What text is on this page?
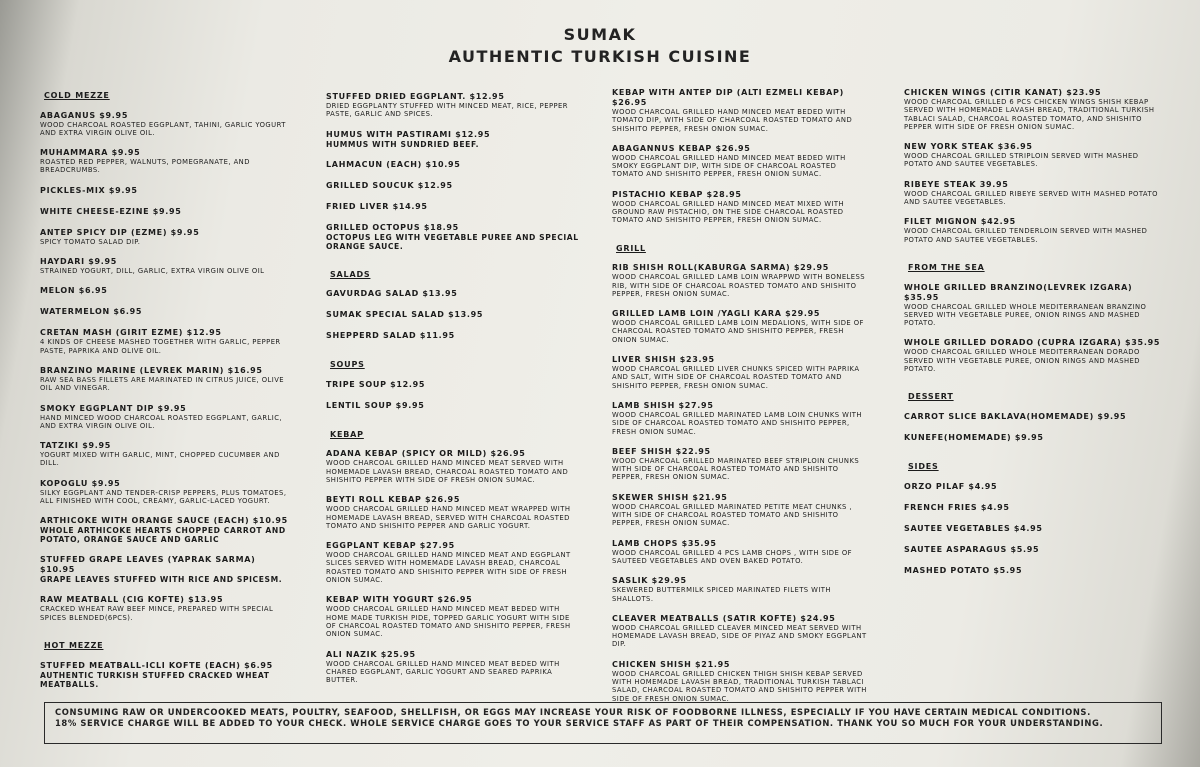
SUMAK
AUTHENTIC TURKISH CUISINE
COLD MEZZE
ABAGANUS $9.95
WOOD CHARCOAL ROASTED EGGPLANT, TAHINI, GARLIC YOGURT AND EXTRA VIRGIN OLIVE OIL.
MUHAMMARA $9.95
ROASTED RED PEPPER, WALNUTS, POMEGRANATE, AND BREADCRUMBS.
PICKLES-MIX $9.95
WHITE CHEESE-EZINE $9.95
ANTEP SPICY DIP (EZME) $9.95
SPICY TOMATO SALAD DIP.
HAYDARI $9.95
STRAINED YOGURT, DILL, GARLIC, EXTRA VIRGIN OLIVE OIL
MELON $6.95
WATERMELON $6.95
CRETAN MASH (GIRIT EZME) $12.95
4 KINDS OF CHEESE MASHED TOGETHER WITH GARLIC, PEPPER PASTE, PAPRIKA AND OLIVE OIL.
BRANZINO MARINE (LEVREK MARIN) $16.95
RAW SEA BASS FILLETS ARE MARINATED IN CITRUS JUICE, OLIVE OIL AND VINEGAR.
SMOKY EGGPLANT DIP $9.95
HAND MINCED WOOD CHARCOAL ROASTED EGGPLANT, GARLIC, AND EXTRA VIRGIN OLIVE OIL.
TATZIKI $9.95
YOGURT MIXED WITH GARLIC, MINT, CHOPPED CUCUMBER AND DILL.
KOPOGLU $9.95
SILKY EGGPLANT AND TENDER-CRISP PEPPERS, PLUS TOMATOES, ALL FINISHED WITH COOL, CREAMY, GARLIC-LACED YOGURT.
ARTHICOKE WITH ORANGE SAUCE (EACH) $10.95
WHOLE ARTHICOKE HEARTS CHOPPED CARROT AND POTATO, ORANGE SAUCE AND GARLIC
STUFFED GRAPE LEAVES (YAPRAK SARMA) $10.95
GRAPE LEAVES STUFFED WITH RICE AND SPICESM.
RAW MEATBALL (CIG KOFTE) $13.95
CRACKED WHEAT RAW BEEF MINCE, PREPARED WITH SPECIAL SPICES BLENDED(6PCS).
HOT MEZZE
STUFFED MEATBALL-ICLI KOFTE (EACH) $6.95
AUTHENTIC TURKISH STUFFED CRACKED WHEAT MEATBALLS.
STUFFED DRIED EGGPLANT. $12.95
DRIED EGGPLANTY STUFFED WITH MINCED MEAT, RICE, PEPPER PASTE, GARLIC AND SPICES.
HUMUS WITH PASTIRAMI $12.95
HUMMUS WITH SUNDRIED BEEF.
LAHMACUN (EACH) $10.95
GRILLED SOUCUK $12.95
FRIED LIVER $14.95
GRILLED OCTOPUS $18.95
OCTOPUS LEG WITH VEGETABLE PUREE AND SPECIAL ORANGE SAUCE.
SALADS
GAVURDAG SALAD $13.95
SUMAK SPECIAL SALAD $13.95
SHEPPERD SALAD $11.95
SOUPS
TRIPE SOUP $12.95
LENTIL SOUP $9.95
KEBAP
ADANA KEBAP (SPICY OR MILD) $26.95
WOOD CHARCOAL GRILLED HAND MINCED MEAT SERVED WITH HOMEMADE LAVASH BREAD, CHARCOAL ROASTED TOMATO AND SHISHITO PEPPER WITH SIDE OF FRESH ONION SUMAC.
BEYTI ROLL KEBAP $26.95
WOOD CHARCOAL GRILLED HAND MINCED MEAT WRAPPED WITH HOMEMADE LAVASH BREAD, SERVED WITH CHARCOAL ROASTED TOMATO AND SHISHITO PEPPER AND GARLIC YOGURT.
EGGPLANT KEBAP $27.95
WOOD CHARCOAL GRILLED HAND MINCED MEAT AND EGGPLANT SLICES SERVED WITH HOMEMADE LAVASH BREAD, CHARCOAL ROASTED TOMATO AND SHISHITO PEPPER WITH SIDE OF FRESH ONION SUMAC.
KEBAP WITH YOGURT $26.95
WOOD CHARCOAL GRILLED HAND MINCED MEAT BEDED WITH HOME MADE TURKISH PIDE, TOPPED GARLIC YOGURT WITH SIDE OF CHARCOAL ROASTED TOMATO AND SHISHITO PEPPER, FRESH ONION SUMAC.
ALI NAZIK $25.95
WOOD CHARCOAL GRILLED HAND MINCED MEAT BEDED WITH CHARED EGGPLANT, GARLIC YOGURT AND SEARED PAPRIKA BUTTER.
KEBAP WITH ANTEP DIP (ALTI EZMELI KEBAP) $26.95
WOOD CHARCOAL GRILLED HAND MINCED MEAT BEDED WITH TOMATO DIP, WITH SIDE OF CHARCOAL ROASTED TOMATO AND SHISHITO PEPPER, FRESH ONION SUMAC.
ABAGANNUS KEBAP $26.95
WOOD CHARCOAL GRILLED HAND MINCED MEAT BEDED WITH SMOKY EGGPLANT DIP, WITH SIDE OF CHARCOAL ROASTED TOMATO AND SHISHITO PEPPER, FRESH ONION SUMAC.
PISTACHIO KEBAP $28.95
WOOD CHARCOAL GRILLED HAND MINCED MEAT MIXED WITH GROUND RAW PISTACHIO, ON THE SIDE CHARCOAL ROASTED TOMATO AND SHISHITO PEPPER, FRESH ONION SUMAC.
GRILL
RIB SHISH ROLL(KABURGA SARMA) $29.95
WOOD CHARCOAL GRILLED LAMB LOIN WRAPPWD WITH BONELESS RIB, WITH SIDE OF CHARCOAL ROASTED TOMATO AND SHISHITO PEPPER, FRESH ONION SUMAC.
GRILLED LAMB LOIN /YAGLI KARA $29.95
WOOD CHARCOAL GRILLED LAMB LOIN MEDALIONS, WITH SIDE OF CHARCOAL ROASTED TOMATO AND SHISHITO PEPPER, FRESH ONION SUMAC.
LIVER SHISH $23.95
WOOD CHARCOAL GRILLED LIVER CHUNKS SPICED WITH PAPRIKA AND SALT, WITH SIDE OF CHARCOAL ROASTED TOMATO AND SHISHITO PEPPER, FRESH ONION SUMAC.
LAMB SHISH $27.95
WOOD CHARCOAL GRILLED MARINATED LAMB LOIN CHUNKS WITH SIDE OF CHARCOAL ROASTED TOMATO AND SHISHITO PEPPER, FRESH ONION SUMAC.
BEEF SHISH $22.95
WOOD CHARCOAL GRILLED MARINATED BEEF STRIPLOIN CHUNKS WITH SIDE OF CHARCOAL ROASTED TOMATO AND SHISHITO PEPPER, FRESH ONION SUMAC.
SKEWER SHISH $21.95
WOOD CHARCOAL GRILLED MARINATED PETITE MEAT CHUNKS , WITH SIDE OF CHARCOAL ROASTED TOMATO AND SHISHITO PEPPER, FRESH ONION SUMAC.
LAMB CHOPS $35.95
WOOD CHARCOAL GRILLED 4 PCS LAMB CHOPS , WITH SIDE OF SAUTEED VEGETABLES AND OVEN BAKED POTATO.
SASLIK $29.95
SKEWERED BUTTERMILK SPICED MARINATED FILETS WITH SHALLOTS.
CLEAVER MEATBALLS (SATIR KOFTE) $24.95
WOOD CHARCOAL GRILLED CLEAVER MINCED MEAT SERVED WITH HOMEMADE LAVASH BREAD, SIDE OF PIYAZ AND SMOKY EGGPLANT DIP.
CHICKEN SHISH $21.95
WOOD CHARCOAL GRILLED CHICKEN THIGH SHISH KEBAP SERVED WITH HOMEMADE LAVASH BREAD, TRADITIONAL TURKISH TABLACI SALAD, CHARCOAL ROASTED TOMATO AND SHISHITO PEPPER WITH SIDE OF FRESH ONION SUMAC.
CHICKEN WINGS (CITIR KANAT) $23.95
WOOD CHARCOAL GRILLED 6 PCS CHICKEN WINGS SHISH KEBAP SERVED WITH HOMEMADE LAVASH BREAD, TRADITIONAL TURKISH TABLACI SALAD, CHARCOAL ROASTED TOMATO, AND SHISHITO PEPPER WITH SIDE OF FRESH ONION SUMAC.
NEW YORK STEAK $36.95
WOOD CHARCOAL GRILLED STRIPLOIN SERVED WITH MASHED POTATO AND SAUTEE VEGETABLES.
RIBEYE STEAK 39.95
WOOD CHARCOAL GRILLED RIBEYE SERVED WITH MASHED POTATO AND SAUTEE VEGETABLES.
FILET MIGNON $42.95
WOOD CHARCOAL GRILLED TENDERLOIN SERVED WITH MASHED POTATO AND SAUTEE VEGETABLES.
FROM THE SEA
WHOLE GRILLED BRANZINO(LEVREK IZGARA) $35.95
WOOD CHARCOAL GRILLED WHOLE MEDITERRANEAN BRANZINO SERVED WITH VEGETABLE PUREE, ONION RINGS AND MASHED POTATO.
WHOLE GRILLED DORADO (CUPRA IZGARA) $35.95
WOOD CHARCOAL GRILLED WHOLE MEDITERRANEAN DORADO SERVED WITH VEGETABLE PUREE, ONION RINGS AND MASHED POTATO.
DESSERT
CARROT SLICE BAKLAVA(HOMEMADE) $9.95
KUNEFE(HOMEMADE) $9.95
SIDES
ORZO PILAF $4.95
FRENCH FRIES $4.95
SAUTEE VEGETABLES $4.95
SAUTEE ASPARAGUS $5.95
MASHED POTATO $5.95
CONSUMING RAW OR UNDERCOOKED MEATS, POULTRY, SEAFOOD, SHELLFISH, OR EGGS MAY INCREASE YOUR RISK OF FOODBORNE ILLNESS, ESPECIALLY IF YOU HAVE CERTAIN MEDICAL CONDITIONS.
18% SERVICE CHARGE WILL BE ADDED TO YOUR CHECK. WHOLE SERVICE CHARGE GOES TO YOUR SERVICE STAFF AS PART OF THEIR COMPENSATION. THANK YOU SO MUCH FOR YOUR UNDERSTANDING.
